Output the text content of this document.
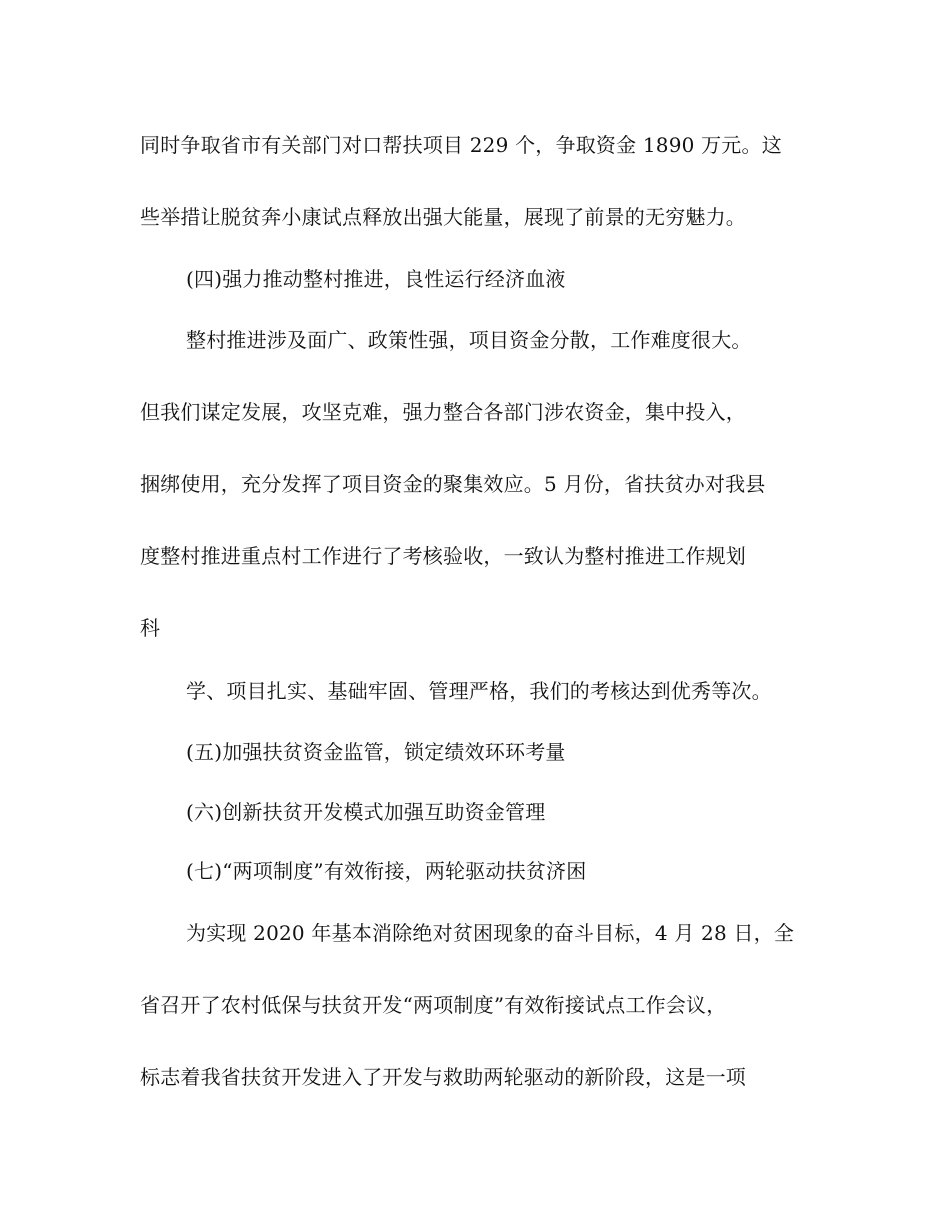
同时争取省市有关部门对口帮扶项目 229 个，争取资金 1890 万元。这
些举措让脱贫奔小康试点释放出强大能量，展现了前景的无穷魅力。
(四)强力推动整村推进，良性运行经济血液
整村推进涉及面广、政策性强，项目资金分散，工作难度很大。
但我们谋定发展，攻坚克难，强力整合各部门涉农资金，集中投入，
捆绑使用，充分发挥了项目资金的聚集效应。5 月份，省扶贫办对我县
度整村推进重点村工作进行了考核验收，一致认为整村推进工作规划
科
学、项目扎实、基础牢固、管理严格，我们的考核达到优秀等次。
(五)加强扶贫资金监管，锁定绩效环环考量
(六)创新扶贫开发模式加强互助资金管理
(七)“两项制度”有效衔接，两轮驱动扶贫济困
为实现 2020 年基本消除绝对贫困现象的奋斗目标，4 月 28 日，全
省召开了农村低保与扶贫开发“两项制度”有效衔接试点工作会议，
标志着我省扶贫开发进入了开发与救助两轮驱动的新阶段，这是一项
